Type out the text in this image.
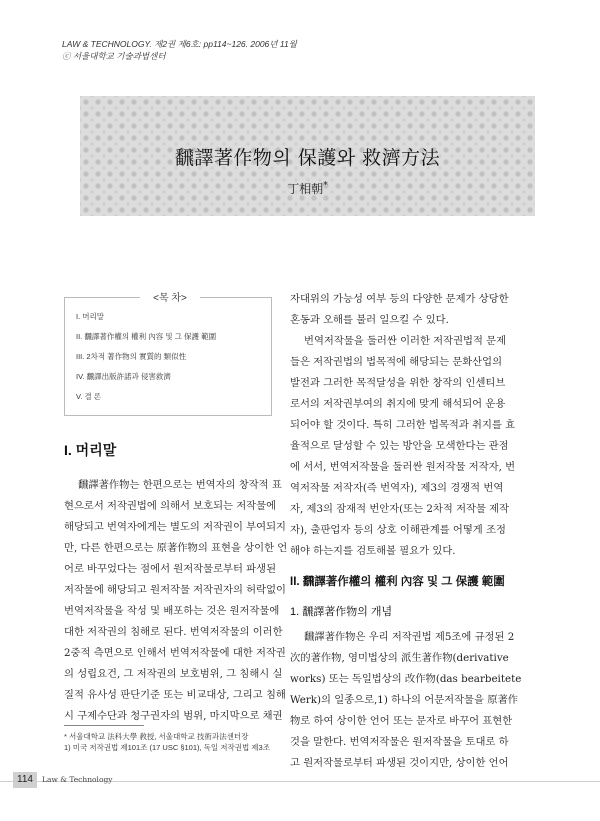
LAW & TECHNOLOGY. 제2권 제6호: pp114~126. 2006년 11월
ⓒ 서울대학교 기술과법센터
飜譯著作物의 保護와 救濟方法
丁相朝*
<목 차>
I. 머리말
II. 飜譯著作權의 權利 內容 및 그 保護 範圍
III. 2차적 著作物의 實質的 類似性
IV. 飜譯出版許諾과 侵害救濟
V. 결 론
I. 머리말
飜譯著作物는 한편으로는 번역자의 창작적 표
현으로서 저작권법에 의해서 보호되는 저작물에
해당되고 번역자에게는 별도의 저작권이 부여되지
만, 다른 한편으로는 原著作物의 표현을 상이한 언
어로 바꾸었다는 점에서 원저작물로부터 파생된
저작물에 해당되고 원저작물 저작권자의 허락없이
번역저작물을 작성 및 배포하는 것은 원저작물에
대한 저작권의 침해로 된다. 번역저작물의 이러한
2중적 측면으로 인해서 번역저작물에 대한 저작권
의 성립요건, 그 저작권의 보호범위, 그 침해시 실
질적 유사성 판단기준 또는 비교대상, 그리고 침해
시 구제수단과 청구권자의 범위, 마지막으로 채권
* 서울대학교 法科大學 敎授, 서울대학교 技術과法센터장
1) 미국 저작권법 제101조 (17 USC §101), 독일 저작권법 제3조
자대위의 가능성 여부 등의 다양한 문제가 상당한
혼동과 오해를 불러 일으킬 수 있다.
번역저작물을 둘러싼 이러한 저작권법적 문제
들은 저작권법의 법목적에 해당되는 문화산업의
발전과 그러한 목적달성을 위한 창작의 인센티브
로서의 저작권부여의 취지에 맞게 해석되어 운용
되어야 할 것이다. 특히 그러한 법목적과 취지를 효
율적으로 달성할 수 있는 방안을 모색한다는 관점
에 서서, 번역저작물을 둘러싼 원저작물 저작자, 번
역저작물 저작자(즉 번역자), 제3의 경쟁적 번역
자, 제3의 잠재적 번안자(또는 2차적 저작물 제작
자), 출판업자 등의 상호 이해관계를 어떻게 조정
해야 하는지를 검토해볼 필요가 있다.
II. 飜譯著作權의 權利 內容 및 그 保護 範圍
1. 飜譯著作物의 개념
飜譯著作物은 우리 저작권법 제5조에 규정된 2
次的著作物, 영미법상의 派生著作物(derivative
works) 또는 독일법상의 改作物(das bearbeitete
Werk)의 일종으로,1) 하나의 어문저작물을 原著作
物로 하여 상이한 언어 또는 문자로 바꾸어 표현한
것을 말한다. 번역저작물은 원저작물을 토대로 하
고 원저작물로부터 파생된 것이지만, 상이한 언어
114	Law & Technology
